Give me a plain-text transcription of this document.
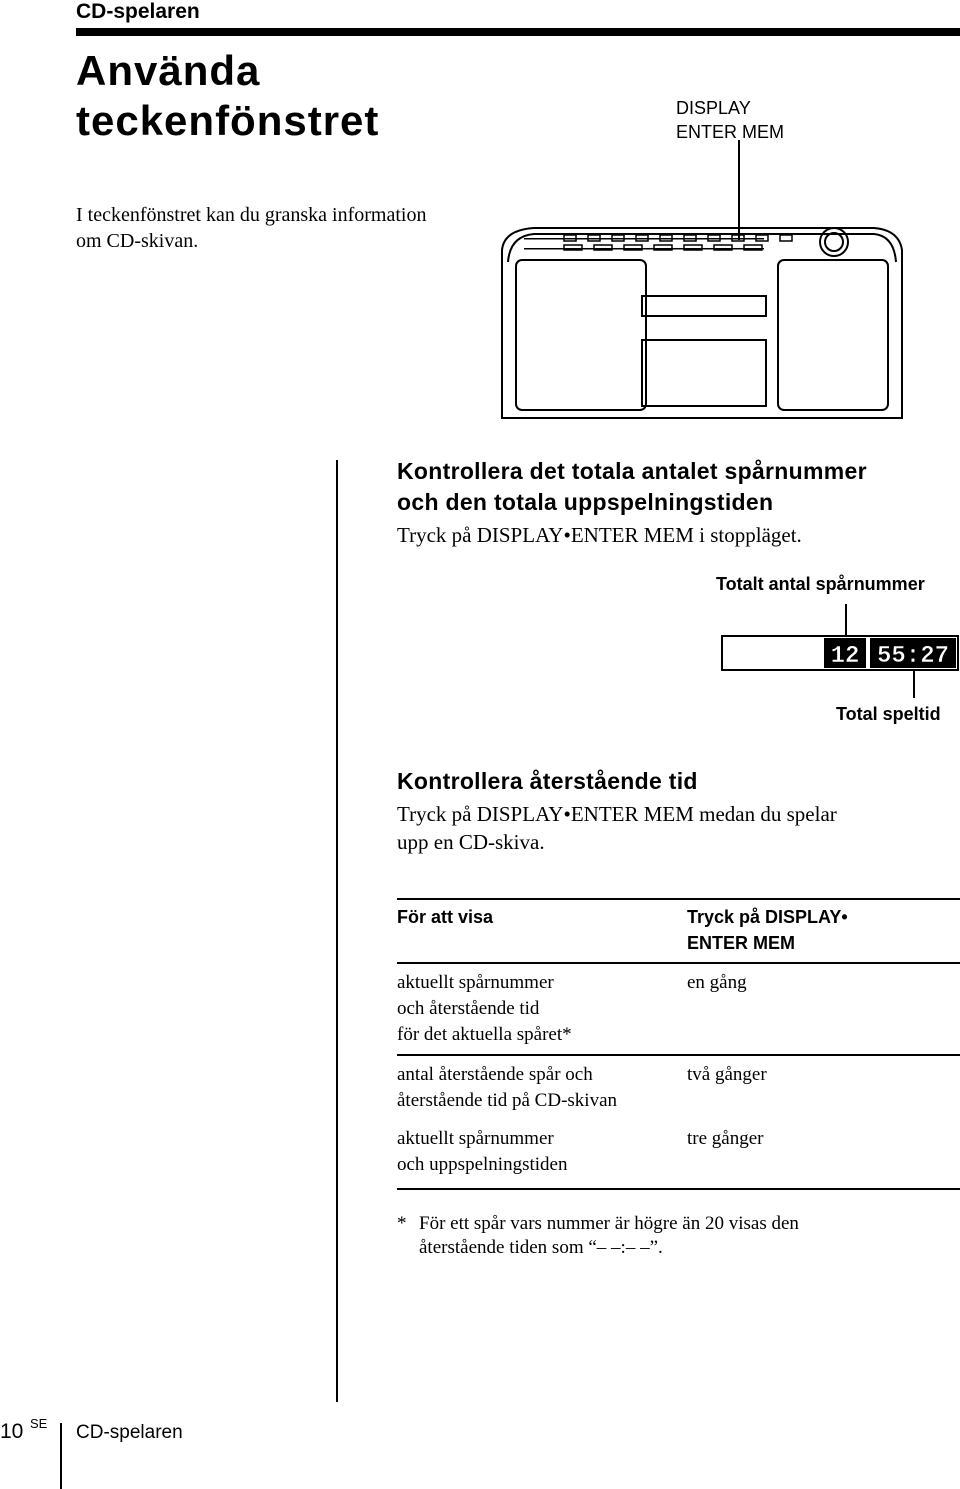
CD-spelaren
Använda teckenfönstret
I teckenfönstret kan du granska information om CD-skivan.
DISPLAY
ENTER MEM
Kontrollera det totala antalet spårnummer
och den totala uppspelningstiden
Tryck på DISPLAY•ENTER MEM i stoppläget.
Totalt antal spårnummer
12 55:27
Total speltid
Kontrollera återstående tid
Tryck på DISPLAY•ENTER MEM medan du spelar
upp en CD-skiva.
För att visa	Tryck på DISPLAY•
ENTER MEM
aktuellt spårnummer
och återstående tid
för det aktuella spåret*
en gång
antal återstående spår och
återstående tid på CD-skivan
två gånger
aktuellt spårnummer
och uppspelningstiden
tre gånger
* För ett spår vars nummer är högre än 20 visas den
återstående tiden som “– –:– –”.
10 SE CD-spelaren
